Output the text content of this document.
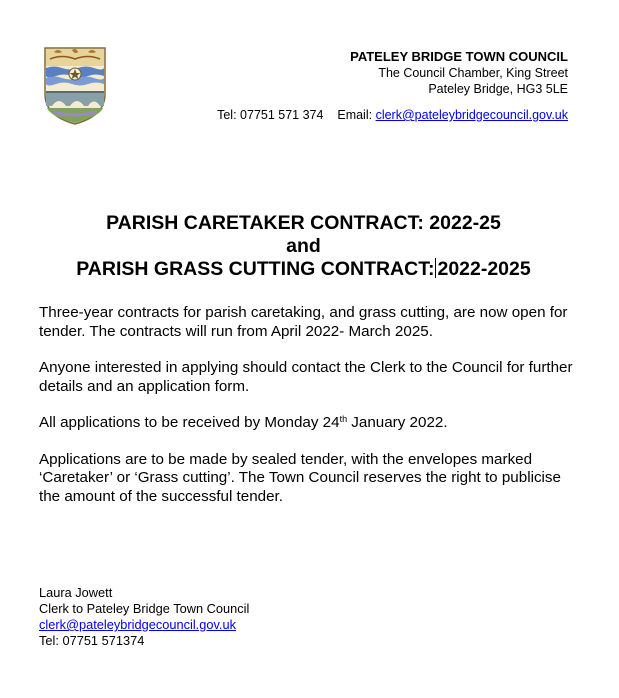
PATELEY BRIDGE TOWN COUNCIL
The Council Chamber, King Street
Pateley Bridge, HG3 5LE
Tel: 07751 571 374 Email: clerk@pateleybridgecouncil.gov.uk
PARISH CARETAKER CONTRACT: 2022-25
and
PARISH GRASS CUTTING CONTRACT: 2022-2025

Three-year contracts for parish caretaking, and grass cutting, are now open for tender. The contracts will run from April 2022- March 2025.

Anyone interested in applying should contact the Clerk to the Council for further details and an application form.

All applications to be received by Monday 24th January 2022.

Applications are to be made by sealed tender, with the envelopes marked ‘Caretaker’ or ‘Grass cutting’. The Town Council reserves the right to publicise the amount of the successful tender.

Laura Jowett
Clerk to Pateley Bridge Town Council
clerk@pateleybridgecouncil.gov.uk
Tel: 07751 571374
